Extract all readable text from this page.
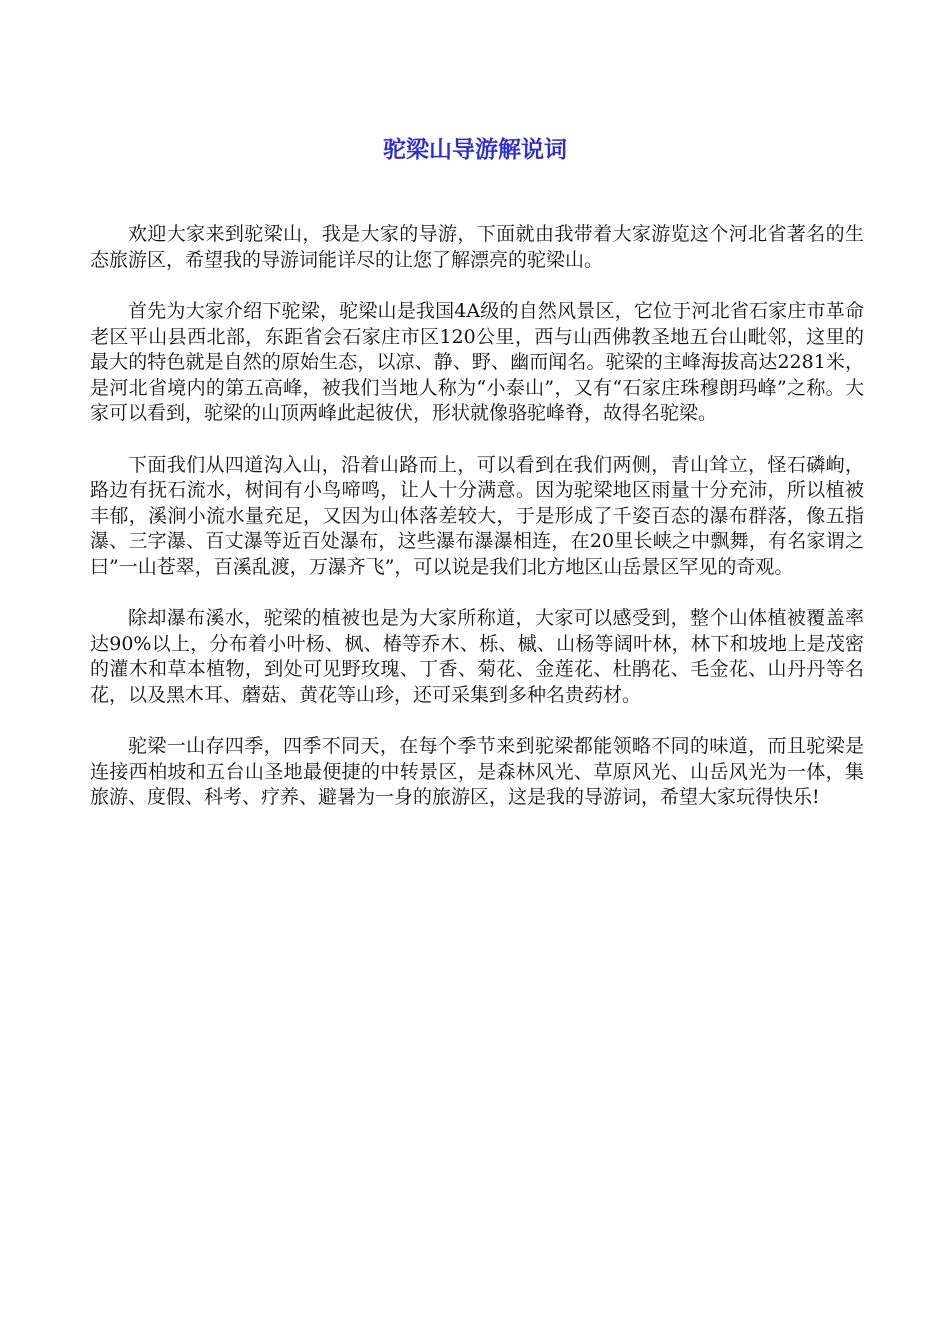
驼梁山导游解说词

欢迎大家来到驼梁山，我是大家的导游，下面就由我带着大家游览这个河北省著名的生态旅游区，希望我的导游词能详尽的让您了解漂亮的驼梁山。

首先为大家介绍下驼梁，驼梁山是我国4A级的自然风景区，它位于河北省石家庄市革命老区平山县西北部，东距省会石家庄市区120公里，西与山西佛教圣地五台山毗邻，这里的最大的特色就是自然的原始生态，以凉、静、野、幽而闻名。驼梁的主峰海拔高达2281米，是河北省境内的第五高峰，被我们当地人称为“小泰山”，又有“石家庄珠穆朗玛峰”之称。大家可以看到，驼梁的山顶两峰此起彼伏，形状就像骆驼峰脊，故得名驼梁。

下面我们从四道沟入山，沿着山路而上，可以看到在我们两侧，青山耸立，怪石磷峋，路边有抚石流水，树间有小鸟啼鸣，让人十分满意。因为驼梁地区雨量十分充沛，所以植被丰郁，溪涧小流水量充足，又因为山体落差较大，于是形成了千姿百态的瀑布群落，像五指瀑、三字瀑、百丈瀑等近百处瀑布，这些瀑布瀑瀑相连，在20里长峡之中飘舞，有名家谓之曰”一山苍翠，百溪乱渡，万瀑齐飞”，可以说是我们北方地区山岳景区罕见的奇观。

除却瀑布溪水，驼梁的植被也是为大家所称道，大家可以感受到，整个山体植被覆盖率达90%以上，分布着小叶杨、枫、椿等乔木、栎、槭、山杨等阔叶林，林下和坡地上是茂密的灌木和草本植物，到处可见野玫瑰、丁香、菊花、金莲花、杜鹃花、毛金花、山丹丹等名花，以及黑木耳、蘑菇、黄花等山珍，还可采集到多种名贵药材。

驼梁一山存四季，四季不同天，在每个季节来到驼梁都能领略不同的味道，而且驼梁是连接西柏坡和五台山圣地最便捷的中转景区，是森林风光、草原风光、山岳风光为一体，集旅游、度假、科考、疗养、避暑为一身的旅游区，这是我的导游词，希望大家玩得快乐!
